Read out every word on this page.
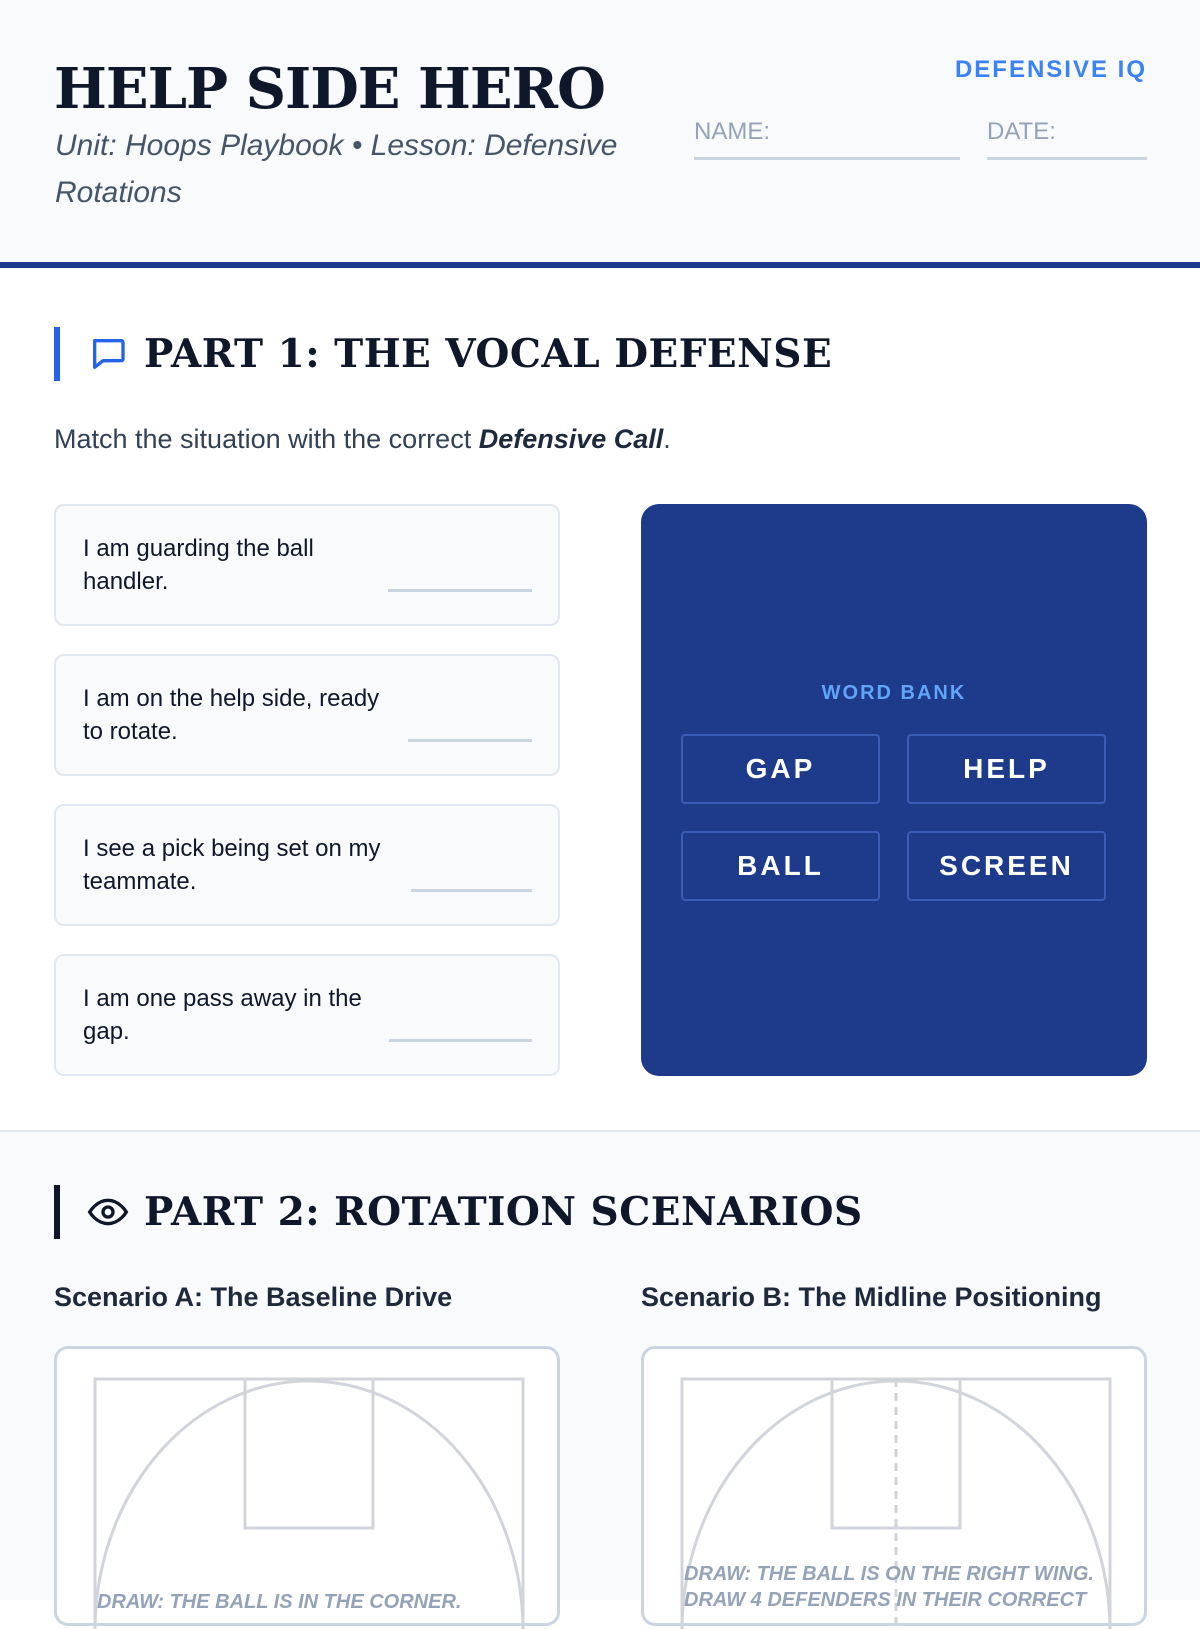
HELP SIDE HERO
Unit: Hoops Playbook • Lesson: Defensive Rotations
DEFENSIVE IQ
NAME:	DATE:
PART 1: THE VOCAL DEFENSE
Match the situation with the correct Defensive Call.
I am guarding the ball handler.
I am on the help side, ready to rotate.
I see a pick being set on my teammate.
I am one pass away in the gap.
WORD BANK
GAP	HELP
BALL	SCREEN
PART 2: ROTATION SCENARIOS
Scenario A: The Baseline Drive	Scenario B: The Midline Positioning
DRAW: THE BALL IS IN THE CORNER.
DRAW: THE BALL IS ON THE RIGHT WING. DRAW 4 DEFENDERS IN THEIR CORRECT
